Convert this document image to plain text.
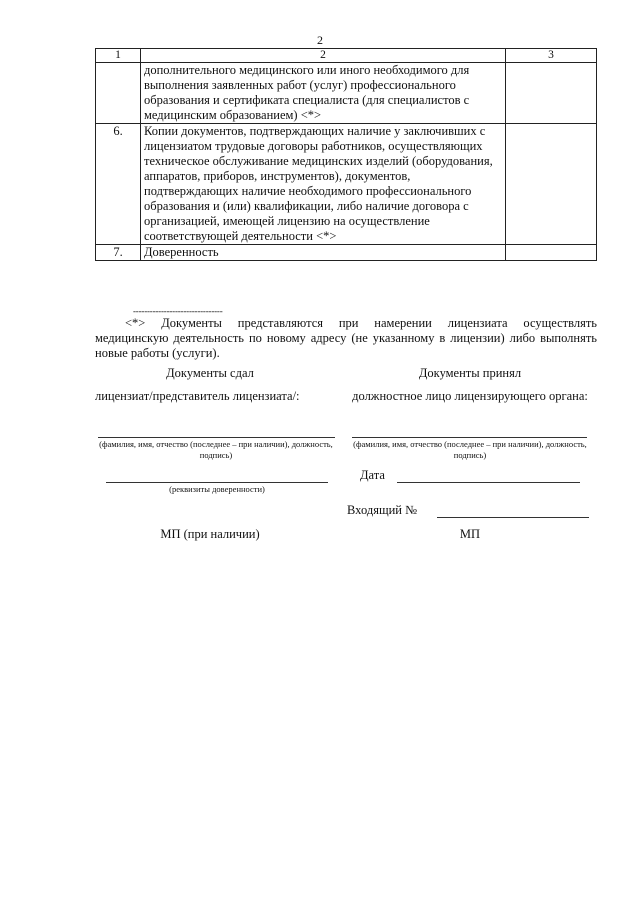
2
1	2	3
	дополнительного медицинского или иного необходимого для выполнения заявленных работ (услуг) профессионального образования и сертификата специалиста (для специалистов с медицинским образованием) <*>	
6.	Копии документов, подтверждающих наличие у заключивших с лицензиатом трудовые договоры работников, осуществляющих техническое обслуживание медицинских изделий (оборудования, аппаратов, приборов, инструментов), документов, подтверждающих наличие необходимого профессионального образования и (или) квалификации, либо наличие договора с организацией, имеющей лицензию на осуществление соответствующей деятельности <*>	
7.	Доверенность	
--------------------------------
<*> Документы представляются при намерении лицензиата осуществлять медицинскую деятельность по новому адресу (не указанному в лицензии) либо выполнять новые работы (услуги).
Документы сдал	Документы принял
лицензиат/представитель лицензиата/:	должностное лицо лицензирующего органа:
(фамилия, имя, отчество (последнее – при наличии), должность, подпись)
(фамилия, имя, отчество (последнее – при наличии), должность, подпись)
(реквизиты доверенности)
Дата
Входящий №
МП (при наличии)	МП
